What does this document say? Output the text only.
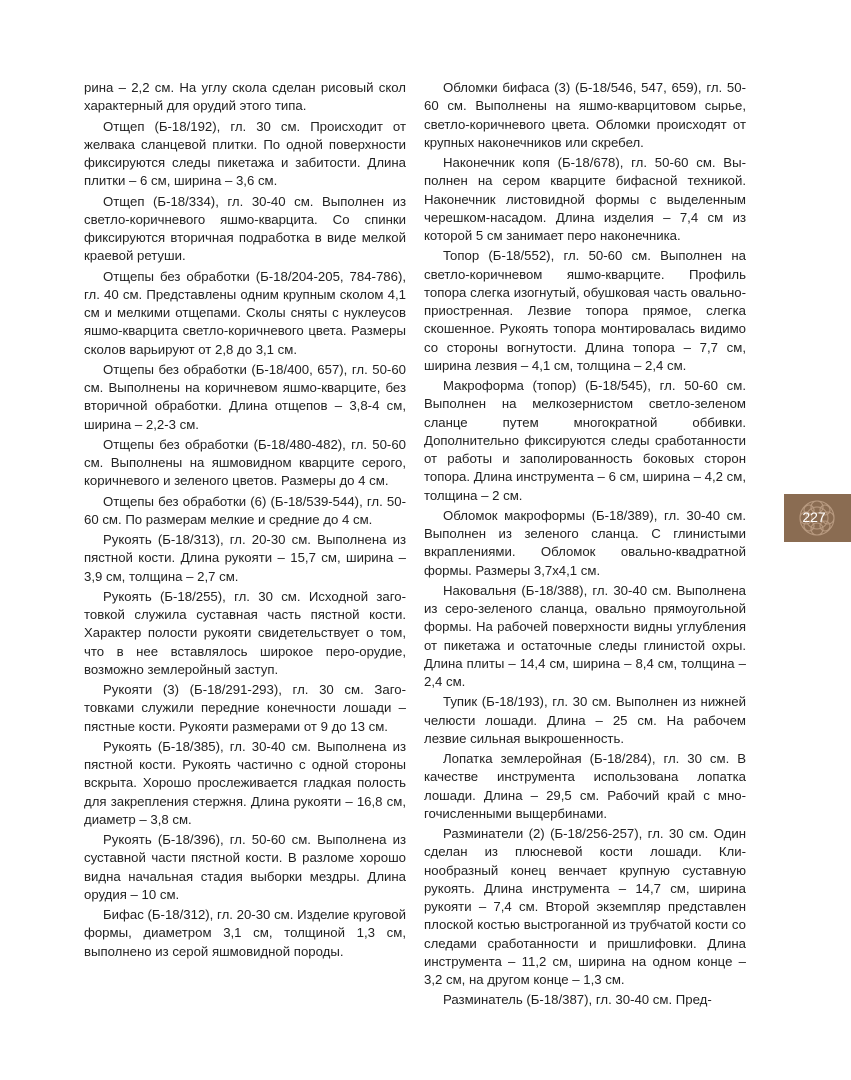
рина – 2,2 см. На углу скола сделан рисовый скол характерный для орудий этого типа.

Отщеп (Б-18/192), гл. 30 см. Происходит от желвака сланцевой плитки. По одной поверхности фиксируются следы пикетажа и забитости. Длина плитки – 6 см, ширина – 3,6 см.

Отщеп (Б-18/334), гл. 30-40 см. Выполнен из светло-коричневого яшмо-кварцита. Со спинки фиксируются вторичная подработка в виде мелкой краевой ретуши.

Отщепы без обработки (Б-18/204-205, 784-786), гл. 40 см. Представлены одним крупным сколом 4,1 см и мелкими отщепами. Сколы сняты с нуклеусов яшмо-кварцита светло-коричневого цвета. Размеры сколов варьируют от 2,8 до 3,1 см.

Отщепы без обработки (Б-18/400, 657), гл. 50-60 см. Выполнены на коричневом яшмо-кварците, без вторичной обработки. Длина отщепов – 3,8-4 см, ширина – 2,2-3 см.

Отщепы без обработки (Б-18/480-482), гл. 50-60 см. Выполнены на яшмовидном кварците серого, коричневого и зеленого цветов. Размеры до 4 см.

Отщепы без обработки (6) (Б-18/539-544), гл. 50-60 см. По размерам мелкие и средние до 4 см.

Рукоять (Б-18/313), гл. 20-30 см. Выполнена из пястной кости. Длина рукояти – 15,7 см, ширина – 3,9 см, толщина – 2,7 см.

Рукоять (Б-18/255), гл. 30 см. Исходной заготовкой служила суставная часть пястной кости. Характер полости рукояти свидетельствует о том, что в нее вставлялось широкое перо-орудие, возможно землеройный заступ.

Рукояти (3) (Б-18/291-293), гл. 30 см. Заготовками служили передние конечности лошади – пястные кости. Рукояти размерами от 9 до 13 см.

Рукоять (Б-18/385), гл. 30-40 см. Выполнена из пястной кости. Рукоять частично с одной стороны вскрыта. Хорошо прослеживается гладкая полость для закрепления стержня. Длина рукояти – 16,8 см, диаметр – 3,8 см.

Рукоять (Б-18/396), гл. 50-60 см. Выполнена из суставной части пястной кости. В разломе хорошо видна начальная стадия выборки мездры. Длина орудия – 10 см.

Бифас (Б-18/312), гл. 20-30 см. Изделие круговой формы, диаметром 3,1 см, толщиной 1,3 см, выполнено из серой яшмовидной породы.

Обломки бифаса (3) (Б-18/546, 547, 659), гл. 50-60 см. Выполнены на яшмо-кварцитовом сырье, светло-коричневого цвета. Обломки происходят от крупных наконечников или скребел.

Наконечник копя (Б-18/678), гл. 50-60 см. Выполнен на сером кварците бифасной техникой. Наконечник листовидной формы с выделенным черешком-насадом. Длина изделия – 7,4 см из которой 5 см занимает перо наконечника.

Топор (Б-18/552), гл. 50-60 см. Выполнен на светло-коричневом яшмо-кварците. Профиль топора слегка изогнутый, обушковая часть овально-приостренная. Лезвие топора прямое, слегка скошенное. Рукоять топора монтировалась видимо со стороны вогнутости. Длина топора – 7,7 см, ширина лезвия – 4,1 см, толщина – 2,4 см.

Макроформа (топор) (Б-18/545), гл. 50-60 см. Выполнен на мелкозернистом светло-зеленом сланце путем многократной оббивки. Дополнительно фиксируются следы сработанности от работы и заполированность боковых сторон топора. Длина инструмента – 6 см, ширина – 4,2 см, толщина – 2 см.

Обломок макроформы (Б-18/389), гл. 30-40 см. Выполнен из зеленого сланца. С глинистыми вкраплениями. Обломок овально-квадратной формы. Размеры 3,7х4,1 см.

Наковальня (Б-18/388), гл. 30-40 см. Выполнена из серо-зеленого сланца, овально прямоугольной формы. На рабочей поверхности видны углубления от пикетажа и остаточные следы глинистой охры. Длина плиты – 14,4 см, ширина – 8,4 см, толщина – 2,4 см.

Тупик (Б-18/193), гл. 30 см. Выполнен из нижней челюсти лошади. Длина – 25 см. На рабочем лезвие сильная выкрошенность.

Лопатка землеройная (Б-18/284), гл. 30 см. В качестве инструмента использована лопатка лошади. Длина – 29,5 см. Рабочий край с многочисленными выщербинами.

Разминатели (2) (Б-18/256-257), гл. 30 см. Один сделан из плюсневой кости лошади. Клинообразный конец венчает крупную суставную рукоять. Длина инструмента – 14,7 см, ширина рукояти – 7,4 см. Второй экземпляр представлен плоской костью выстроганной из трубчатой кости со следами сработанности и пришлифовки. Длина инструмента – 11,2 см, ширина на одном конце – 3,2 см, на другом конце – 1,3 см.

Разминатель (Б-18/387), гл. 30-40 см. Пред-

227
